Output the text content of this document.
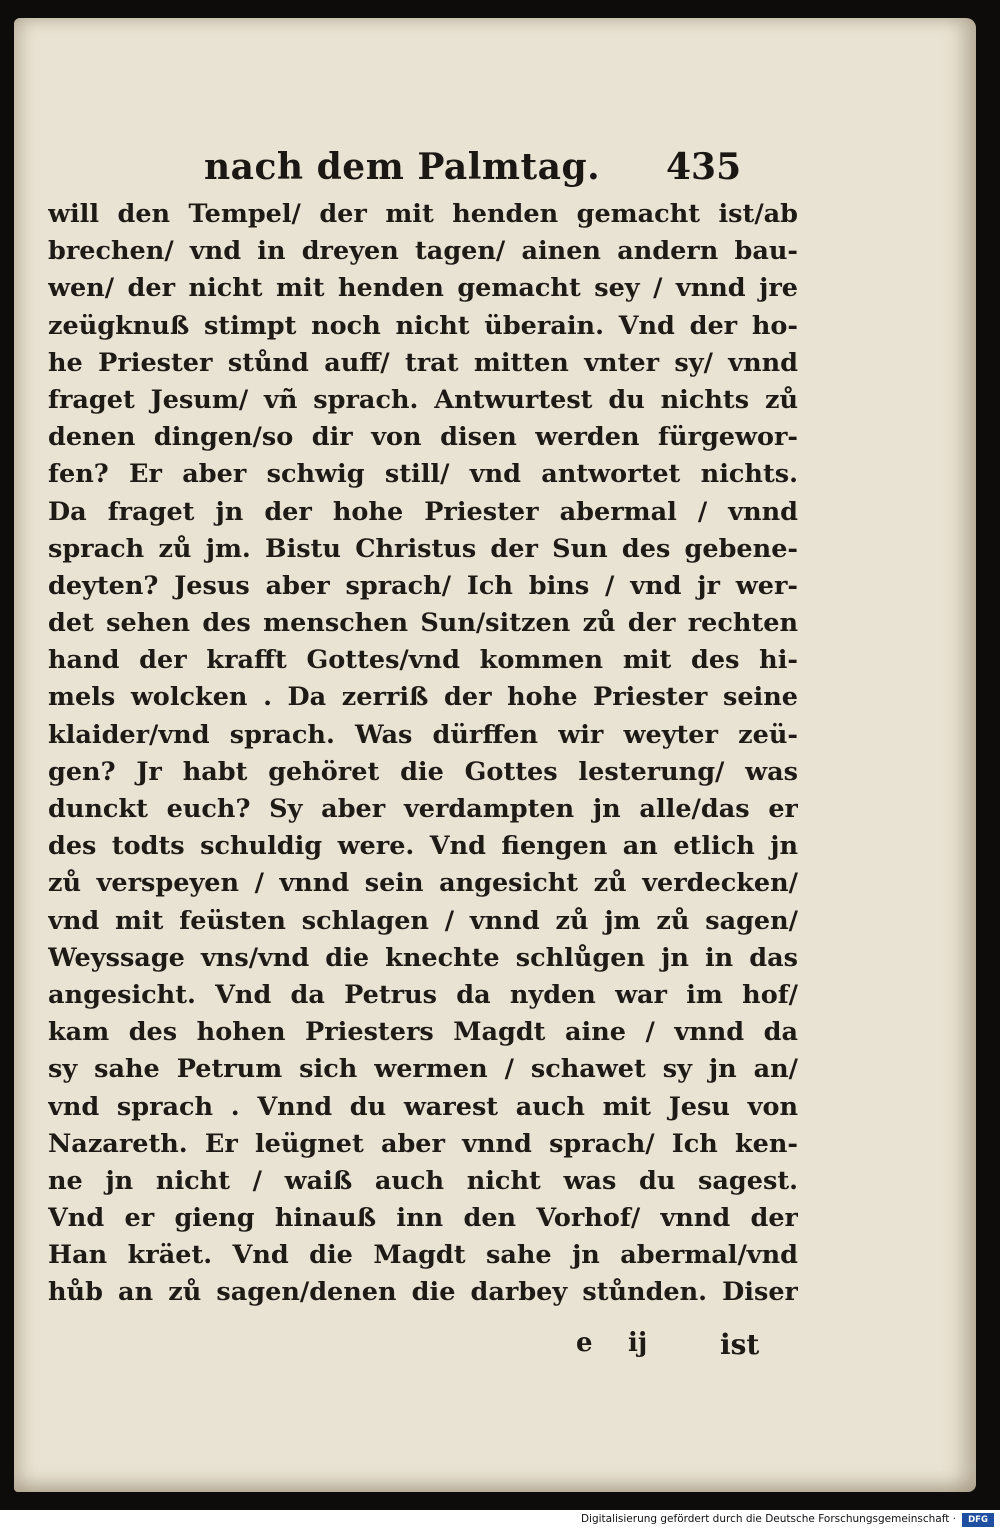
nach dem Palmtag. 435
will den Tempel/ der mit henden gemacht ist/ab
brechen/ vnd in dreyen tagen/ ainen andern bau-
wen/ der nicht mit henden gemacht sey / vnnd jre
zeügknuß stimpt noch nicht überain. Vnd der ho-
he Priester stůnd auff/ trat mitten vnter sy/ vnnd
fraget Jesum/ vñ sprach. Antwurtest du nichts zů
denen dingen/so dir von disen werden fürgewor-
fen? Er aber schwig still/ vnd antwortet nichts.
Da fraget jn der hohe Priester abermal / vnnd
sprach zů jm. Bistu Christus der Sun des gebene-
deyten? Jesus aber sprach/ Ich bins / vnd jr wer-
det sehen des menschen Sun/sitzen zů der rechten
hand der krafft Gottes/vnd kommen mit des hi-
mels wolcken . Da zerriß der hohe Priester seine
klaider/vnd sprach. Was dürffen wir weyter zeü-
gen? Jr habt gehöret die Gottes lesterung/ was
dunckt euch? Sy aber verdampten jn alle/das er
des todts schuldig were. Vnd fiengen an etlich jn
zů verspeyen / vnnd sein angesicht zů verdecken/
vnd mit feüsten schlagen / vnnd zů jm zů sagen/
Weyssage vns/vnd die knechte schlůgen jn in das
angesicht. Vnd da Petrus da nyden war im hof/
kam des hohen Priesters Magdt aine / vnnd da
sy sahe Petrum sich wermen / schawet sy jn an/
vnd sprach . Vnnd du warest auch mit Jesu von
Nazareth. Er leügnet aber vnnd sprach/ Ich ken-
ne jn nicht / waiß auch nicht was du sagest.
Vnd er gieng hinauß inn den Vorhof/ vnnd der
Han kräet. Vnd die Magdt sahe jn abermal/vnd
hůb an zů sagen/denen die darbey stůnden. Diser
e ij	ist
Digitalisierung gefördert durch die Deutsche Forschungsgemeinschaft ·	DFG
